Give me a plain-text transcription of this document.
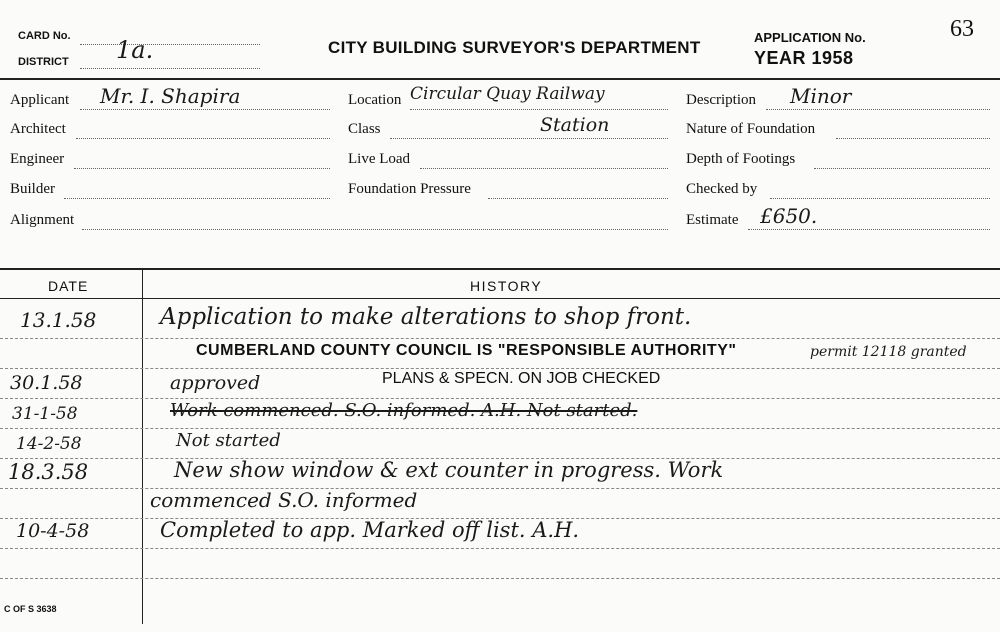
CARD No.
DISTRICT 1a.	CITY BUILDING SURVEYOR'S DEPARTMENT
APPLICATION No.	63
YEAR 1958
Applicant Mr. I. Shapira
Architect
Engineer
Builder
Alignment
Location Circular Quay Railway
Class	Station
Live Load
Foundation Pressure
Description Minor
Nature of Foundation
Depth of Footings
Checked by
Estimate £650.
DATE	HISTORY
13.1.58	Application to make alterations to shop front.
CUMBERLAND COUNTY COUNCIL IS "RESPONSIBLE AUTHORITY"	permit 12118 granted
30.1.58	approved	PLANS & SPECN. ON JOB CHECKED
31-1-58	Work commenced. S.O. informed. A.H. Not started.
14-2-58	Not started
18.3.58	New show window & ext counter in progress. Work
commenced S.O. informed
10-4-58	Completed to app. Marked off list. A.H.
C OF S 3638
